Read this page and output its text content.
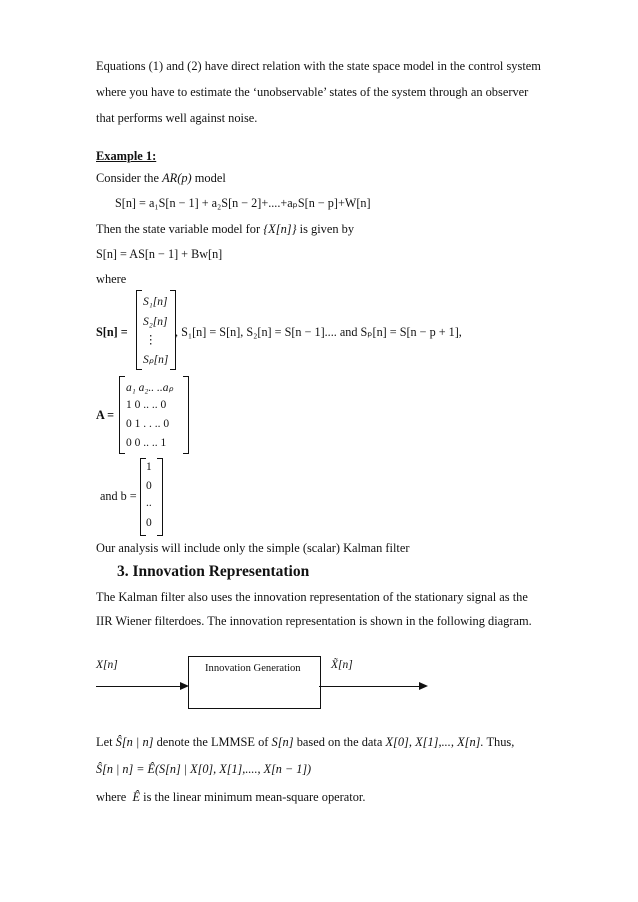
Equations (1) and (2) have direct relation with the state space model in the control system
where you have to estimate the ‘unobservable’ states of the system through an observer
that performs well against noise.
Example 1:
Consider the AR(p) model
S[n] = a₁S[n − 1] + a₂S[n − 2]+....+aₚS[n − p]+W[n]
Then the state variable model for {X[n]} is given by
S[n] = AS[n − 1] + Bw[n]
where
S[n] =
S₁[n]
S₂[n]
⋮
Sₚ[n]
, S₁[n] = S[n], S₂[n] = S[n − 1].... and Sₚ[n] = S[n − p + 1],
A =
a₁ a₂.. ..aₚ
1 0 .. .. 0
0 1 . . .. 0
0 0 .. .. 1
and b =
1
0
..
0
Our analysis will include only the simple (scalar) Kalman filter
3. Innovation Representation
The Kalman filter also uses the innovation representation of the stationary signal as the
IIR Wiener filterdoes. The innovation representation is shown in the following diagram.
X[n]	Innovation Generation	X̃[n]
Let Ŝ[n | n] denote the LMMSE of S[n] based on the data X[0], X[1],..., X[n]. Thus,
Ŝ[n | n] = Ê(S[n] | X[0], X[1],...., X[n − 1])
where Ê is the linear minimum mean-square operator.
